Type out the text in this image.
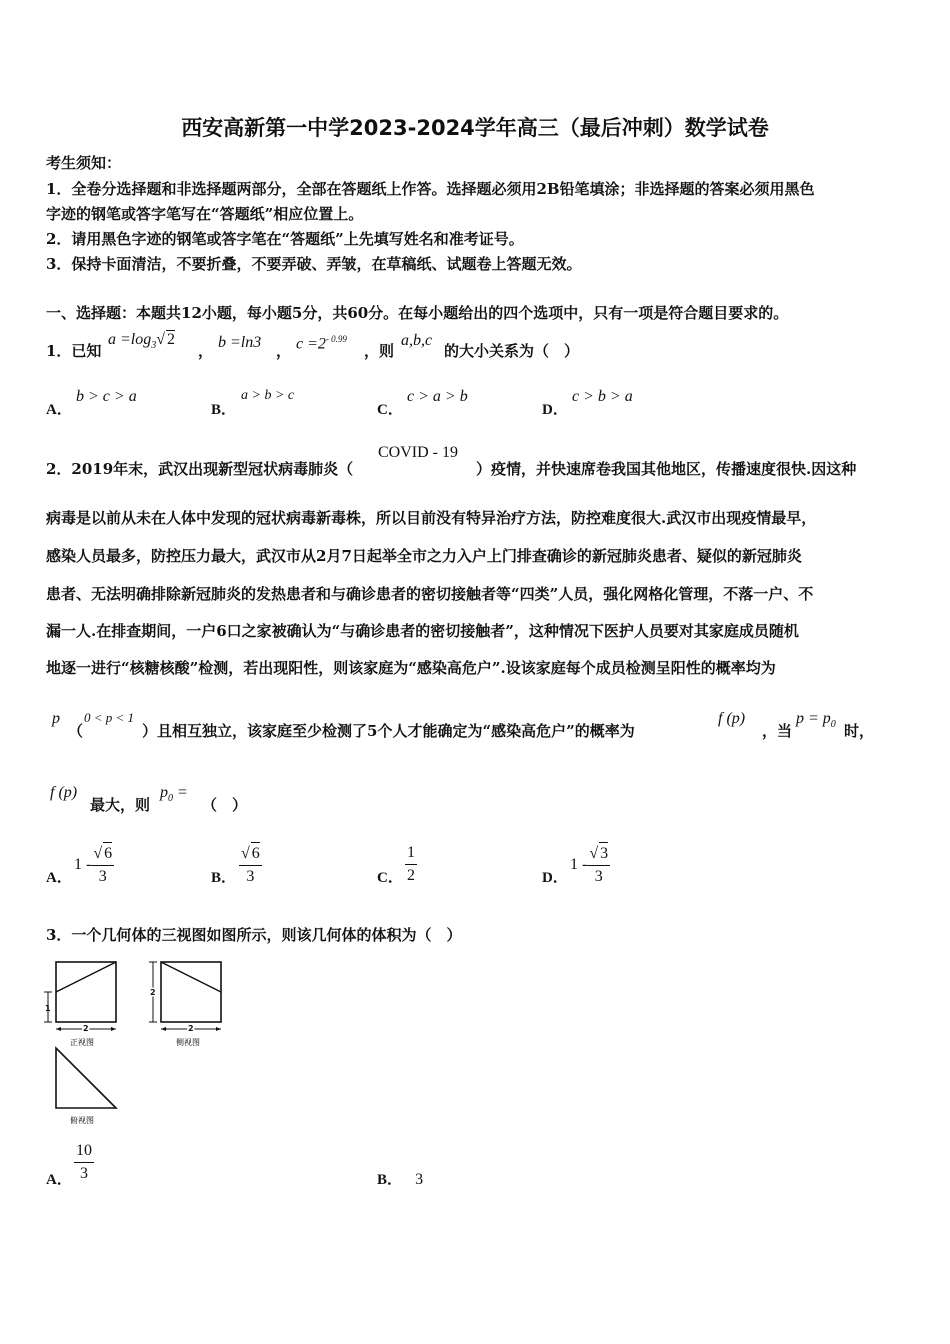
西安高新第一中学2023-2024学年高三（最后冲刺）数学试卷
考生须知：
1．全卷分选择题和非选择题两部分，全部在答题纸上作答。选择题必须用2B铅笔填涂；非选择题的答案必须用黑色
字迹的钢笔或答字笔写在“答题纸”相应位置上。
2．请用黑色字迹的钢笔或答字笔在“答题纸”上先填写姓名和准考证号。
3．保持卡面清洁，不要折叠，不要弄破、弄皱，在草稿纸、试题卷上答题无效。
一、选择题：本题共12小题，每小题5分，共60分。在每小题给出的四个选项中，只有一项是符合题目要求的。
1．已知
$a =\log_3√$ 2
， b =ln3 ， $c =2^{- 0.99}$
，则
a,b,c
的大小关系为（　）
A．
b > c > a
B．
a > b > c
C．
c > a > b
D．
c > b > a
2．2019年末，武汉出现新型冠状病毒肺炎（
COVID - 19
）疫情，并快速席卷我国其他地区，传播速度很快.因这种
病毒是以前从未在人体中发现的冠状病毒新毒株，所以目前没有特异治疗方法，防控难度很大.武汉市出现疫情最早，
感染人员最多，防控压力最大，武汉市从2月7日起举全市之力入户上门排查确诊的新冠肺炎患者、疑似的新冠肺炎
患者、无法明确排除新冠肺炎的发热患者和与确诊患者的密切接触者等“四类”人员，强化网格化管理，不落一户、不
漏一人.在排查期间，一户6口之家被确认为“与确诊患者的密切接触者”，这种情况下医护人员要对其家庭成员随机
地逐一进行“核糖核酸”检测，若出现阳性，则该家庭为“感染高危户”.设该家庭每个成员检测呈阳性的概率均为
p
（
0 < p < 1
）且相互独立，该家庭至少检测了5个人才能确定为“感染高危户”的概率为
f (p)
，当
$p = p_0$ 时，
f (p)
最大，则
$p_0$ =
（　）
A．
$1 - \frac{√ 6}{3}$	B． $\frac{√ 6}{3}$	C． $\frac{1}{2}$	D．
$1 - \frac{√ 3}{3}$
3．一个几何体的三视图如图所示，则该几何体的体积为（　）
1
2
正视图
2
2
侧视图
俯视图
A． $\frac{10}{3}$	B． 3
